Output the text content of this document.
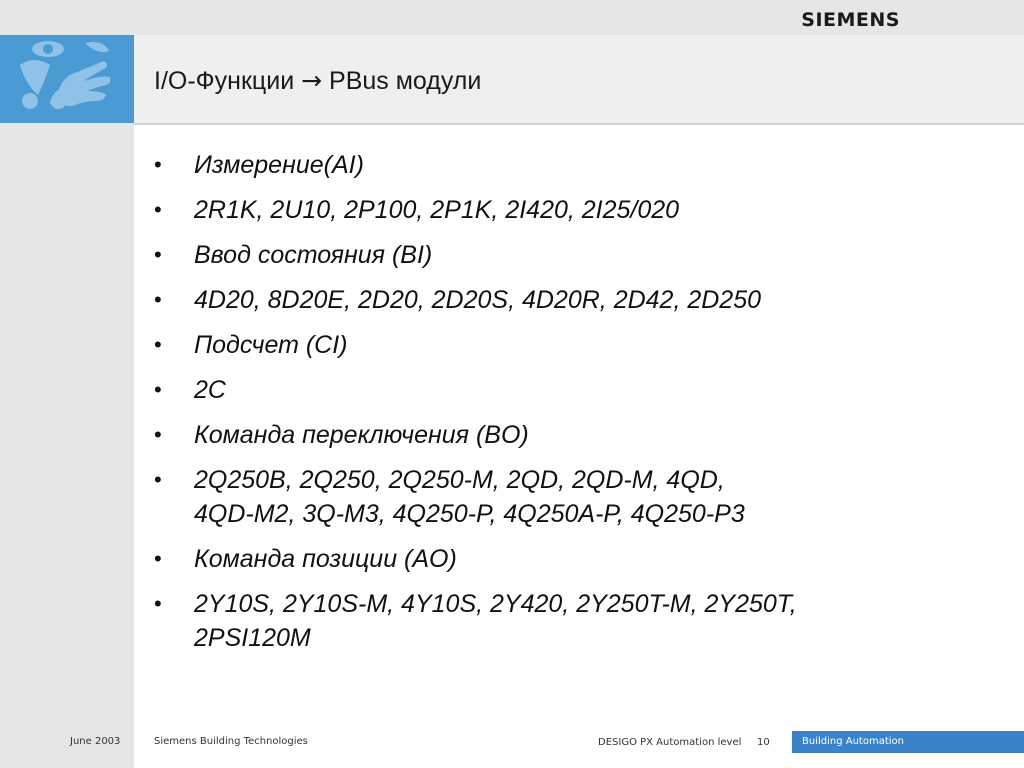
SIEMENS
I/O-Функции → PBus модули
• Измерение(AI)
• 2R1K, 2U10, 2P100, 2P1K, 2I420, 2I25/020
• Ввод состояния (BI)
• 4D20, 8D20E, 2D20, 2D20S, 4D20R, 2D42, 2D250
• Подсчет (CI)
• 2C
• Команда переключения (BO)
• 2Q250B, 2Q250, 2Q250-M, 2QD, 2QD-M, 4QD,
4QD-M2, 3Q-M3, 4Q250-P, 4Q250A-P, 4Q250-P3
• Команда позиции (AO)
• 2Y10S, 2Y10S-M, 4Y10S, 2Y420, 2Y250T-M, 2Y250T,
2PSI120M
June 2003	Siemens Building Technologies	DESIGO PX Automation level 10	Building Automation
